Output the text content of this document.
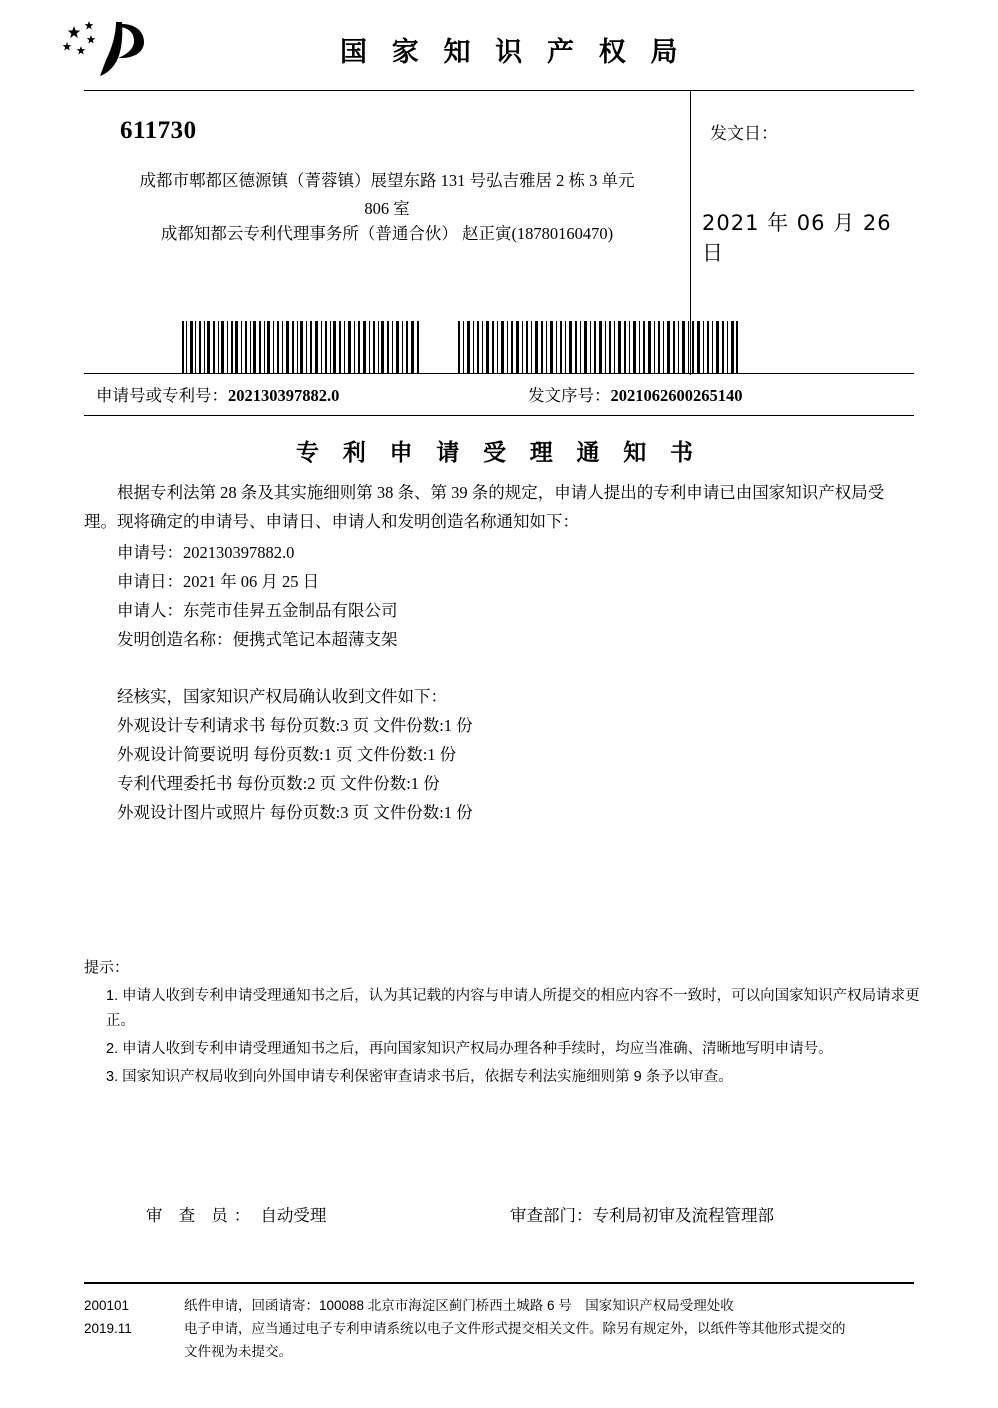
国 家 知 识 产 权 局
611730
成都市郫都区德源镇（菁蓉镇）展望东路 131 号弘吉雅居 2 栋 3 单元
806 室
成都知都云专利代理事务所（普通合伙） 赵正寅(18780160470)
发文日：
2021 年 06 月 26 日
申请号或专利号：202130397882.0	发文序号：2021062600265140
专 利 申 请 受 理 通 知 书

根据专利法第 28 条及其实施细则第 38 条、第 39 条的规定，申请人提出的专利申请已由国家知识产权局受理。现将确定的申请号、申请日、申请人和发明创造名称通知如下：

申请号：202130397882.0

申请日：2021 年 06 月 25 日

申请人：东莞市佳昇五金制品有限公司

发明创造名称：便携式笔记本超薄支架

经核实，国家知识产权局确认收到文件如下：

外观设计专利请求书 每份页数:3 页 文件份数:1 份

外观设计简要说明 每份页数:1 页 文件份数:1 份

专利代理委托书 每份页数:2 页 文件份数:1 份

外观设计图片或照片 每份页数:3 页 文件份数:1 份

提示：

1. 申请人收到专利申请受理通知书之后，认为其记载的内容与申请人所提交的相应内容不一致时，可以向国家知识产权局请求更正。

2. 申请人收到专利申请受理通知书之后，再向国家知识产权局办理各种手续时，均应当准确、清晰地写明申请号。

3. 国家知识产权局收到向外国申请专利保密审查请求书后，依据专利法实施细则第 9 条予以审查。

审 查 员： 自动受理	审查部门：专利局初审及流程管理部
200101
2019.11

纸件申请，回函请寄：100088 北京市海淀区蓟门桥西土城路 6 号　国家知识产权局受理处收

电子申请，应当通过电子专利申请系统以电子文件形式提交相关文件。除另有规定外，以纸件等其他形式提交的

文件视为未提交。
